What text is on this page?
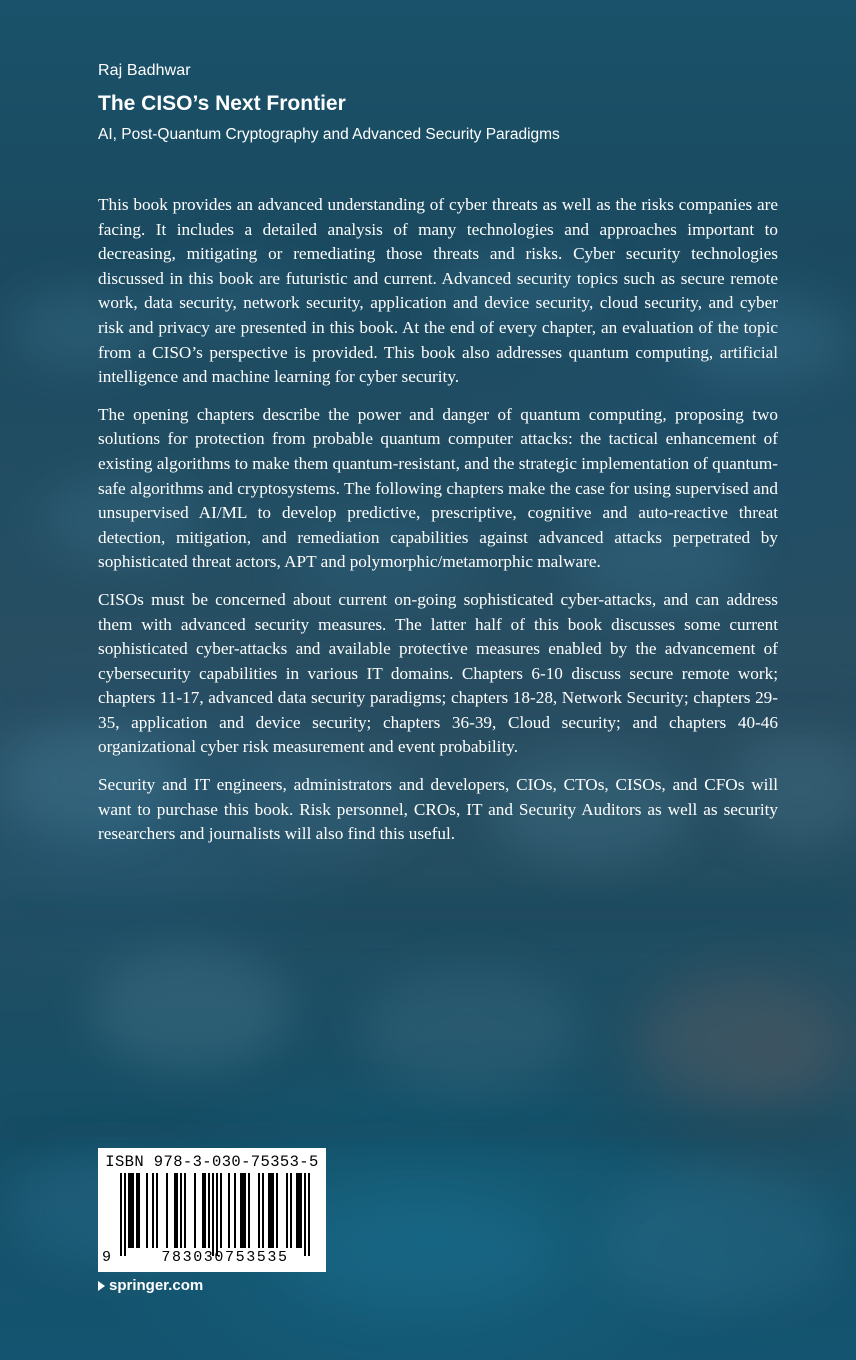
Raj Badhwar
The CISO’s Next Frontier
AI, Post-Quantum Cryptography and Advanced Security Paradigms

This book provides an advanced understanding of cyber threats as well as the risks companies are facing. It includes a detailed analysis of many technologies and approaches important to decreasing, mitigating or remediating those threats and risks. Cyber security technologies discussed in this book are futuristic and current. Advanced security topics such as secure remote work, data security, network security, application and device security, cloud security, and cyber risk and privacy are presented in this book. At the end of every chapter, an evaluation of the topic from a CISO’s perspective is provided. This book also addresses quantum computing, artificial intelligence and machine learning for cyber security.

The opening chapters describe the power and danger of quantum computing, proposing two solutions for protection from probable quantum computer attacks: the tactical enhancement of existing algorithms to make them quantum-resistant, and the strategic implementation of quantum-safe algorithms and cryptosystems. The following chapters make the case for using supervised and unsupervised AI/ML to develop predictive, prescriptive, cognitive and auto-reactive threat detection, mitigation, and remediation capabilities against advanced attacks perpetrated by sophisticated threat actors, APT and polymorphic/metamorphic malware.

CISOs must be concerned about current on-going sophisticated cyber-attacks, and can address them with advanced security measures. The latter half of this book discusses some current sophisticated cyber-attacks and available protective measures enabled by the advancement of cybersecurity capabilities in various IT domains. Chapters 6-10 discuss secure remote work; chapters 11-17, advanced data security paradigms; chapters 18-28, Network Security; chapters 29-35, application and device security; chapters 36-39, Cloud security; and chapters 40-46 organizational cyber risk measurement and event probability.

Security and IT engineers, administrators and developers, CIOs, CTOs, CISOs, and CFOs will want to purchase this book. Risk personnel, CROs, IT and Security Auditors as well as security researchers and journalists will also find this useful.

ISBN 978-3-030-75353-5
9	783030753535
springer.com
